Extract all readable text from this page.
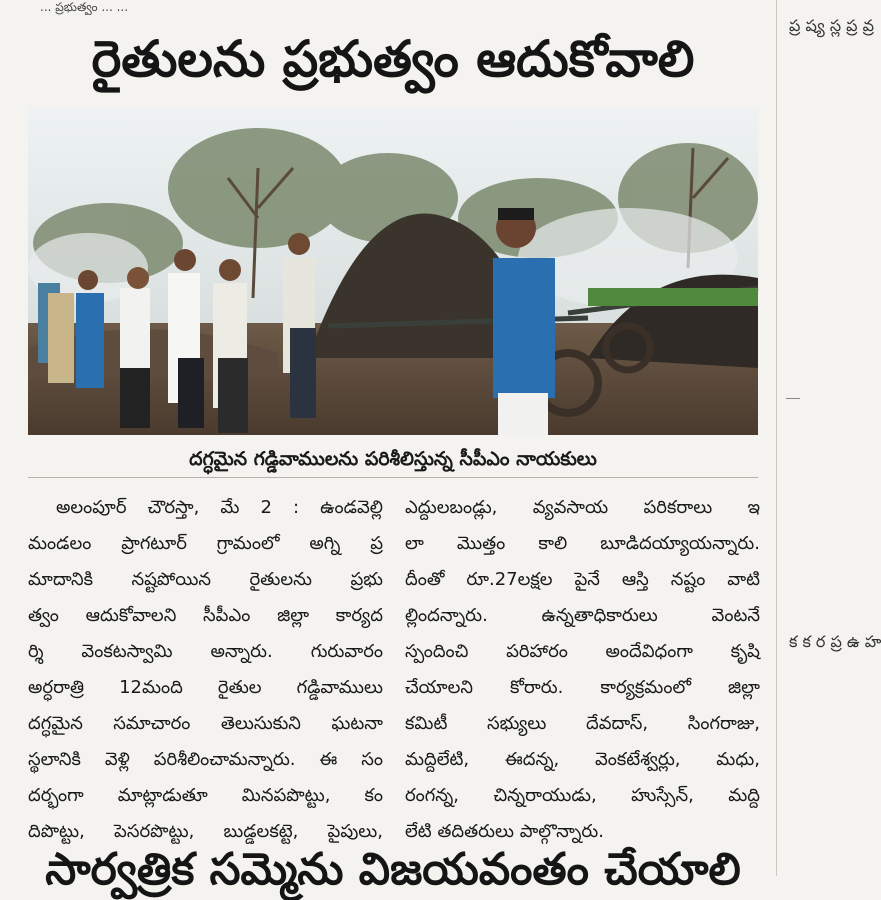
... ప్రభుత్వం ... ...
ప్ర ష్య స్ల ప్ర వ్ర
క క ర ప్ర ఉ హ
రైతులను ప్రభుత్వం ఆదుకోవాలి
దగ్ధమైన గడ్డివాములను పరిశీలిస్తున్న సీపీఎం నాయకులు
అలంపూర్ చౌరస్తా, మే 2 : ఉండవెల్లి
మండలం ప్రాగటూర్ గ్రామంలో అగ్ని ప్ర
మాదానికి నష్టపోయిన రైతులను ప్రభు
త్వం ఆదుకోవాలని సీపీఎం జిల్లా కార్యద
ర్శి వెంకటస్వామి అన్నారు. గురువారం
అర్ధరాత్రి 12మంది రైతుల గడ్డివాములు
దగ్ధమైన సమాచారం తెలుసుకుని ఘటనా
స్థలానికి వెళ్లి పరిశీలించామన్నారు. ఈ సం
దర్భంగా మాట్లాడుతూ మినపపొట్టు, కం
దిపొట్టు, పెసరపొట్టు, బుడ్డలకట్టె, పైపులు,
ఎద్దులబండ్లు, వ్యవసాయ పరికరాలు ఇ
లా మొత్తం కాలి బూడిదయ్యాయన్నారు.
దీంతో రూ.27లక్షల పైనే ఆస్తి నష్టం వాటి
ల్లిందన్నారు. ఉన్నతాధికారులు వెంటనే
స్పందించి పరిహారం అందేవిధంగా కృషి
చేయాలని కోరారు. కార్యక్రమంలో జిల్లా
కమిటీ సభ్యులు దేవదాస్, సింగరాజు,
మద్దిలేటి, ఈదన్న, వెంకటేశ్వర్లు, మధు,
రంగన్న, చిన్నరాయుడు, హుస్సేన్, మద్ది
లేటి తదితరులు పాల్గొన్నారు.
సార్వత్రిక సమ్మెను విజయవంతం చేయాలి
